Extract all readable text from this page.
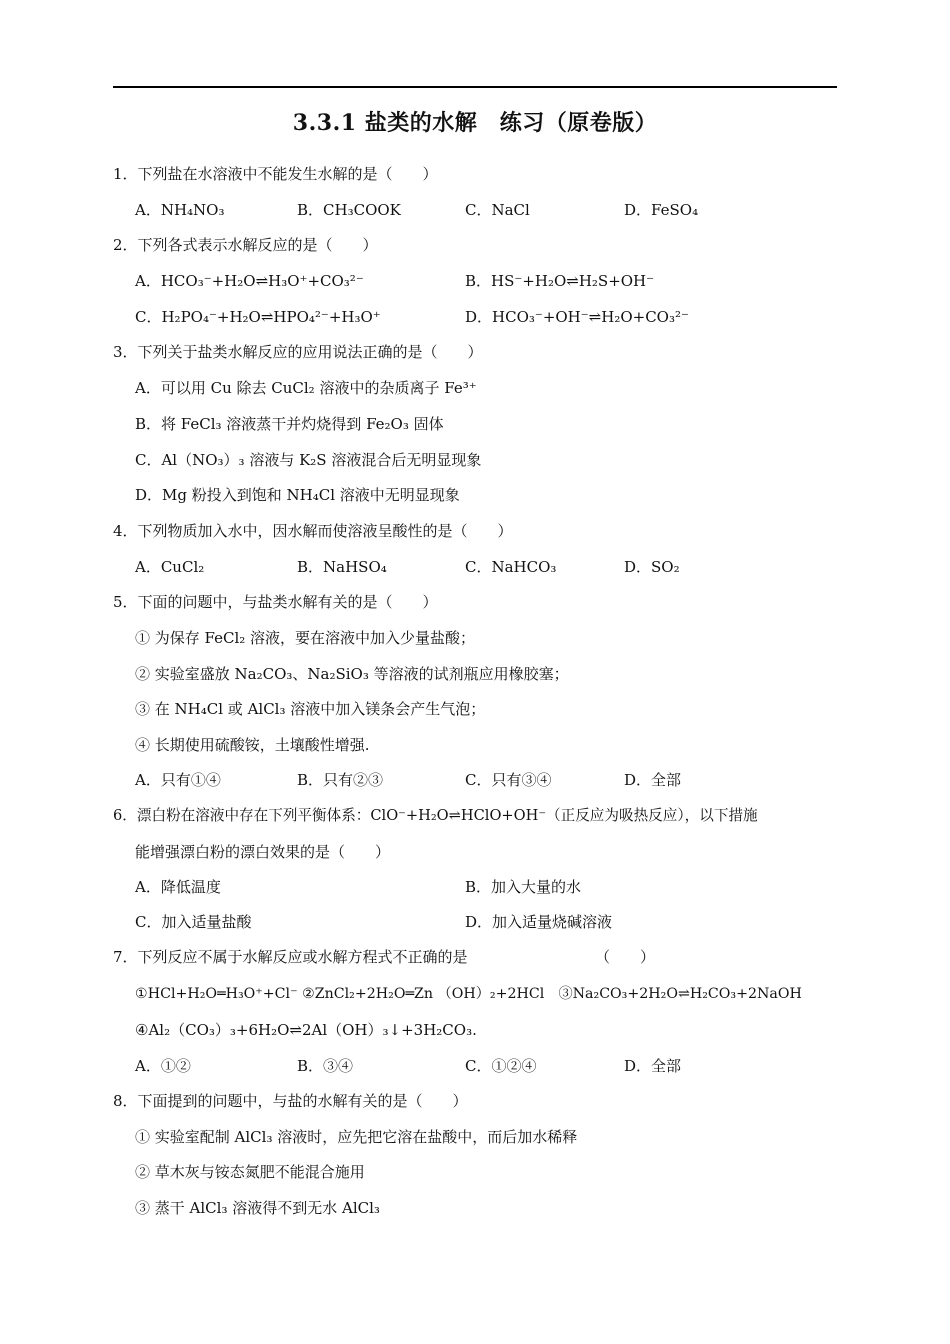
3.3.1 盐类的水解　练习（原卷版）
1．下列盐在水溶液中不能发生水解的是（　　）
A．NH₄NO₃	B．CH₃COOK	C．NaCl	D．FeSO₄
2．下列各式表示水解反应的是（　　）
A．HCO₃⁻+H₂O⇌H₃O⁺+CO₃²⁻	B．HS⁻+H₂O⇌H₂S+OH⁻
C．H₂PO₄⁻+H₂O⇌HPO₄²⁻+H₃O⁺	D．HCO₃⁻+OH⁻⇌H₂O+CO₃²⁻
3．下列关于盐类水解反应的应用说法正确的是（　　）
A．可以用 Cu 除去 CuCl₂ 溶液中的杂质离子 Fe³⁺
B．将 FeCl₃ 溶液蒸干并灼烧得到 Fe₂O₃ 固体
C．Al（NO₃）₃ 溶液与 K₂S 溶液混合后无明显现象
D．Mg 粉投入到饱和 NH₄Cl 溶液中无明显现象
4．下列物质加入水中，因水解而使溶液呈酸性的是（　　）
A．CuCl₂	B．NaHSO₄	C．NaHCO₃	D．SO₂
5．下面的问题中，与盐类水解有关的是（　　）
① 为保存 FeCl₂ 溶液，要在溶液中加入少量盐酸；
② 实验室盛放 Na₂CO₃、Na₂SiO₃ 等溶液的试剂瓶应用橡胶塞；
③ 在 NH₄Cl 或 AlCl₃ 溶液中加入镁条会产生气泡；
④ 长期使用硫酸铵，土壤酸性增强.
A．只有①④	B．只有②③	C．只有③④	D．全部
6．漂白粉在溶液中存在下列平衡体系：ClO⁻+H₂O⇌HClO+OH⁻（正反应为吸热反应），以下措施
能增强漂白粉的漂白效果的是（　　）
A．降低温度	B．加入大量的水
C．加入适量盐酸	D．加入适量烧碱溶液
7．下列反应不属于水解反应或水解方程式不正确的是　　　　　　　　　（　　）
①HCl+H₂O═H₃O⁺+Cl⁻ ②ZnCl₂+2H₂O═Zn （OH）₂+2HCl　③Na₂CO₃+2H₂O⇌H₂CO₃+2NaOH
④Al₂（CO₃）₃+6H₂O⇌2Al（OH）₃↓+3H₂CO₃.
A．①②	B．③④	C．①②④	D．全部
8．下面提到的问题中，与盐的水解有关的是（　　）
① 实验室配制 AlCl₃ 溶液时，应先把它溶在盐酸中，而后加水稀释
② 草木灰与铵态氮肥不能混合施用
③ 蒸干 AlCl₃ 溶液得不到无水 AlCl₃
